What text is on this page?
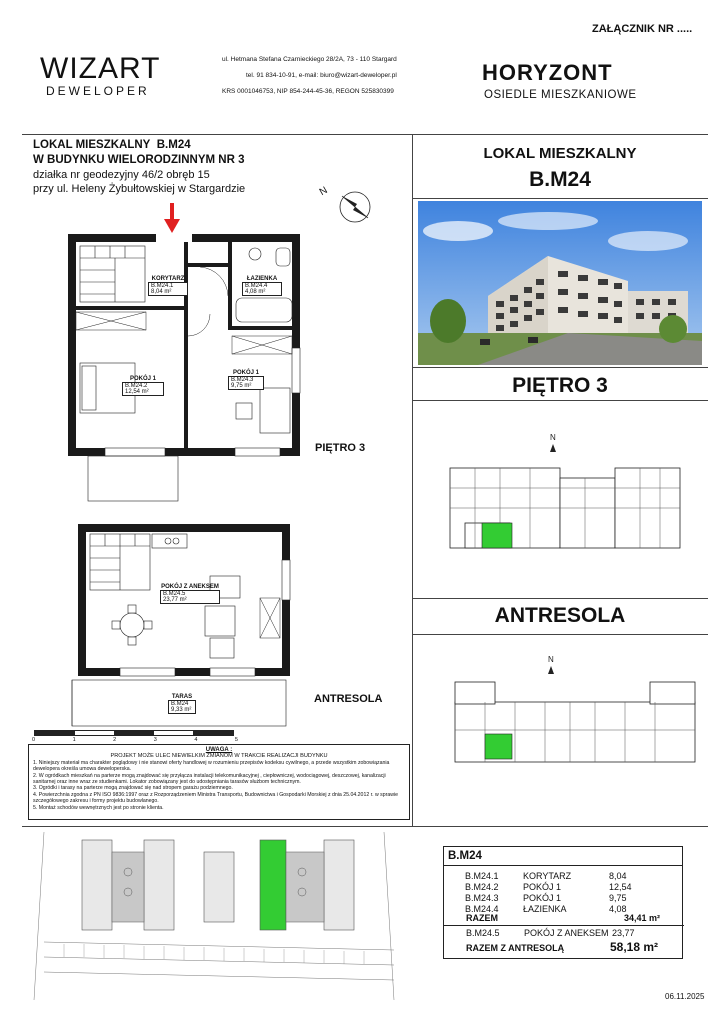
ZAŁĄCZNIK NR .....
WIZART
DEWELOPER
ul. Hetmana Stefana Czarnieckiego 28/2A, 73 - 110 Stargard
tel. 91 834-10-91, e-mail: biuro@wizart-deweloper.pl
KRS 0001046753, NIP 854-244-45-36, REGON 525830399
HORYZONT
OSIEDLE MIESZKANIOWE
LOKAL MIESZKALNY B.M24
W BUDYNKU WIELORODZINNYM NR 3
działka nr geodezyjny 46/2 obręb 15
przy ul. Heleny Żybułtowskiej w Stargardzie
LOKAL MIESZKALNY
B.M24
PIĘTRO 3
ANTRESOLA
N
N
N
KORYTARZ
B.M24.1
8,04 m²
ŁAZIENKA
B.M24.4
4,08 m²
POKÓJ 1
B.M24.2
12,54 m²
POKÓJ 1
B.M24.3
9,75 m²
PIĘTRO 3
POKÓJ Z ANEKSEM
B.M24.5
23,77 m²
TARAS
B.M24
9,33 m²
ANTRESOLA
0	1	2	3	4	5
UWAGA :
PROJEKT MOŻE ULEC NIEWIELKIM ZMIANOM W TRAKCIE REALIZACJI BUDYNKU
1. Niniejszy materiał ma charakter poglądowy i nie stanowi oferty handlowej w rozumieniu przepisów kodeksu cywilnego, a przede wszystkim zobowiązania dewelopera określa umowa deweloperska.
2. W ogródkach mieszkań na parterze mogą znajdować się przyłącza instalacji telekomunikacyjnej , ciepłowniczej, wodociągowej, deszczowej, kanalizacji sanitarnej oraz inne wraz ze studienkami. Lokator zobowiązany jest do udostępniania tarasów służbom technicznym.
3. Ogródki i tarasy na parterze mogą znajdować się nad stropem garażu podziemnego.
4. Powierzchnia zgodna z PN ISO 9836:1997 oraz z Rozporządzeniem Ministra Transportu, Budownictwa i Gospodarki Morskiej z dnia 25.04.2012 r. w sprawie szczegółowego zakresu i formy projektu budowlanego.
5. Montaż schodów wewnętrznych jest po stronie klienta.
B.M24
B.M24.1	KORYTARZ	8,04
B.M24.2	POKÓJ 1	12,54
B.M24.3	POKÓJ 1	9,75
B.M24.4	ŁAZIENKA	4,08
RAZEM	34,41 m²
B.M24.5	POKÓJ Z ANEKSEM 23,77
RAZEM Z ANTRESOLĄ	58,18 m²
06.11.2025
